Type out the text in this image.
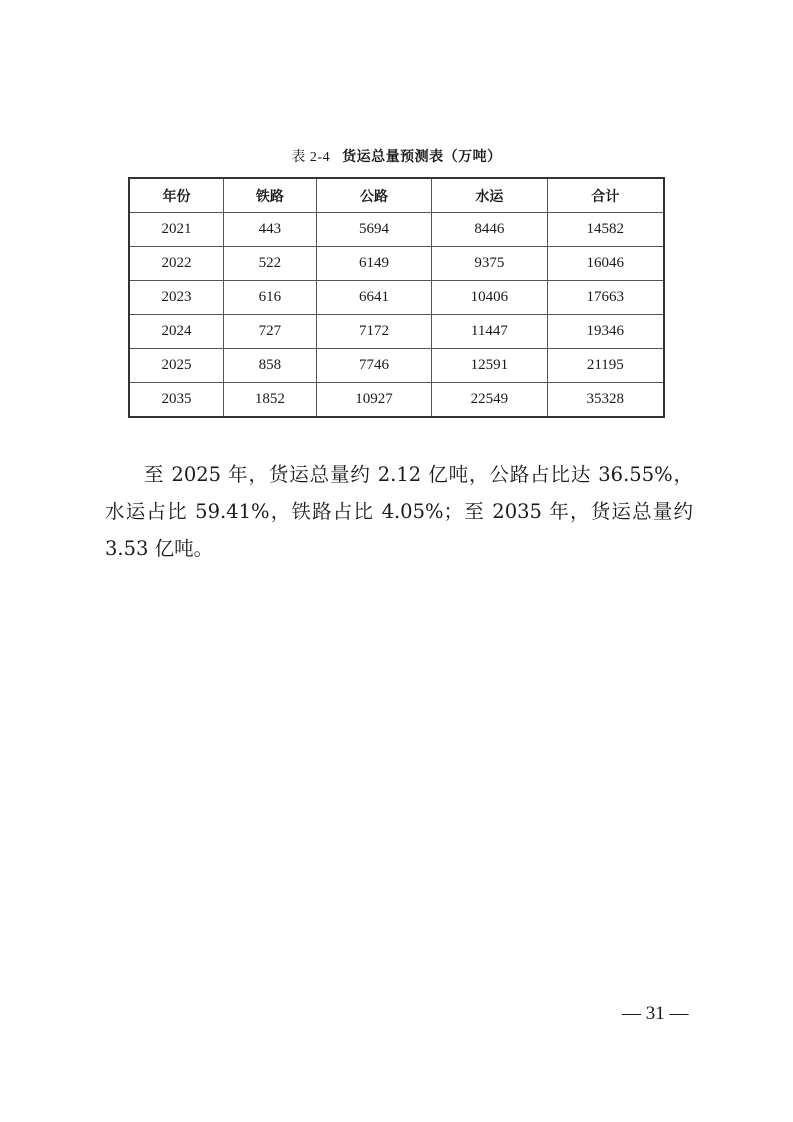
表 2-4 货运总量预测表（万吨）
年份	铁路	公路	水运	合计
2021	443	5694	8446	14582
2022	522	6149	9375	16046
2023	616	6641	10406	17663
2024	727	7172	11447	19346
2025	858	7746	12591	21195
2035	1852	10927	22549	35328

至 2025 年，货运总量约 2.12 亿吨，公路占比达 36.55%，水运占比 59.41%，铁路占比 4.05%；至 2035 年，货运总量约 3.53 亿吨。

— 31 —
